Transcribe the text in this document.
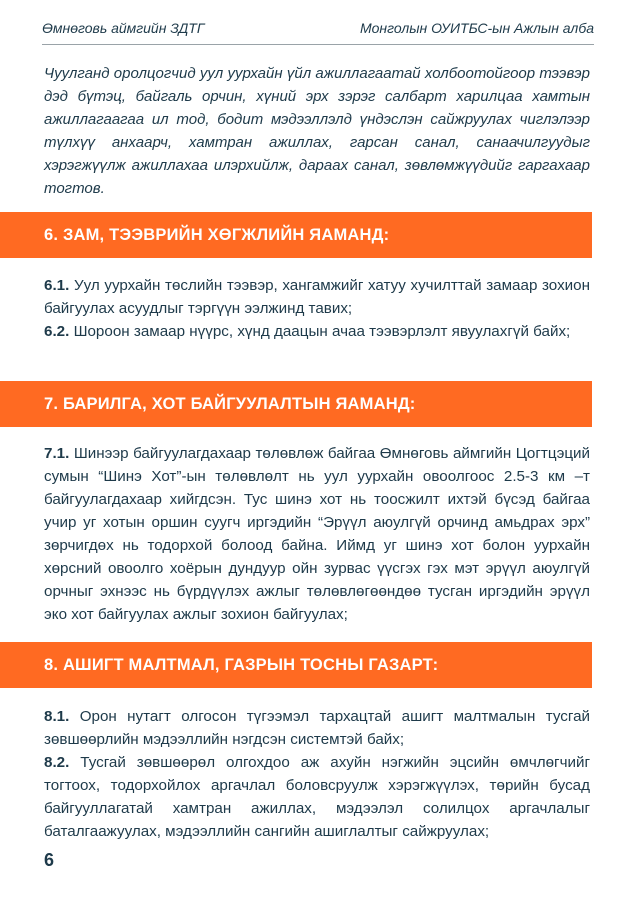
Өмнөговь аймгийн ЗДТГ	Монголын ОУИТБС-ын Ажлын алба

Чуулганд оролцогчид уул уурхайн үйл ажиллагаатай холбоотойгоор тээвэр дэд бүтэц, байгаль орчин, хүний эрх зэрэг салбарт харилцаа хамтын ажиллагаагаа ил тод, бодит мэдээллэлд үндэслэн сайжруулах чиглэлээр түлхүү анхаарч, хамтран ажиллах, гарсан санал, санаачилгуудыг хэрэгжүүлж ажиллахаа илэрхийлж, дараах санал, зөвлөмжүүдийг гаргахаар тогтов.

6. ЗАМ, ТЭЭВРИЙН ХӨГЖЛИЙН ЯАМАНД:

6.1. Уул уурхайн төслийн тээвэр, хангамжийг хатуу хучилттай замаар зохион байгуулах асуудлыг тэргүүн ээлжинд тавих;

6.2. Шороон замаар нүүрс, хүнд даацын ачаа тээвэрлэлт явуулахгүй байх;

7. БАРИЛГА, ХОТ БАЙГУУЛАЛТЫН ЯАМАНД:

7.1. Шинээр байгуулагдахаар төлөвлөж байгаа Өмнөговь аймгийн Цогтцэций сумын “Шинэ Хот”-ын төлөвлөлт нь уул уурхайн овоолгоос 2.5-3 км –т байгуулагдахаар хийгдсэн. Тус шинэ хот нь тоосжилт ихтэй бүсэд байгаа учир уг хотын оршин суугч иргэдийн “Эрүүл аюулгүй орчинд амьдрах эрх” зөрчигдөх нь тодорхой болоод байна. Иймд уг шинэ хот болон уурхайн хөрсний овоолго хоёрын дундуур ойн зурвас үүсгэх гэх мэт эрүүл аюулгүй орчныг эхнээс нь бүрдүүлэх ажлыг төлөвлөгөөндөө тусган иргэдийн эрүүл эко хот байгуулах ажлыг зохион байгуулах;

8. АШИГТ МАЛТМАЛ, ГАЗРЫН ТОСНЫ ГАЗАРТ:

8.1. Орон нутагт олгосон түгээмэл тархацтай ашигт малтмалын тусгай зөвшөөрлийн мэдээллийн нэгдсэн системтэй байх;

8.2. Тусгай зөвшөөрөл олгохдоо аж ахуйн нэгжийн эцсийн өмчлөгчийг тогтоох, тодорхойлох аргачлал боловсруулж хэрэгжүүлэх, төрийн бусад байгууллагатай хамтран ажиллах, мэдээлэл солилцох аргачлалыг баталгаажуулах, мэдээллийн сангийн ашиглалтыг сайжруулах;

6
